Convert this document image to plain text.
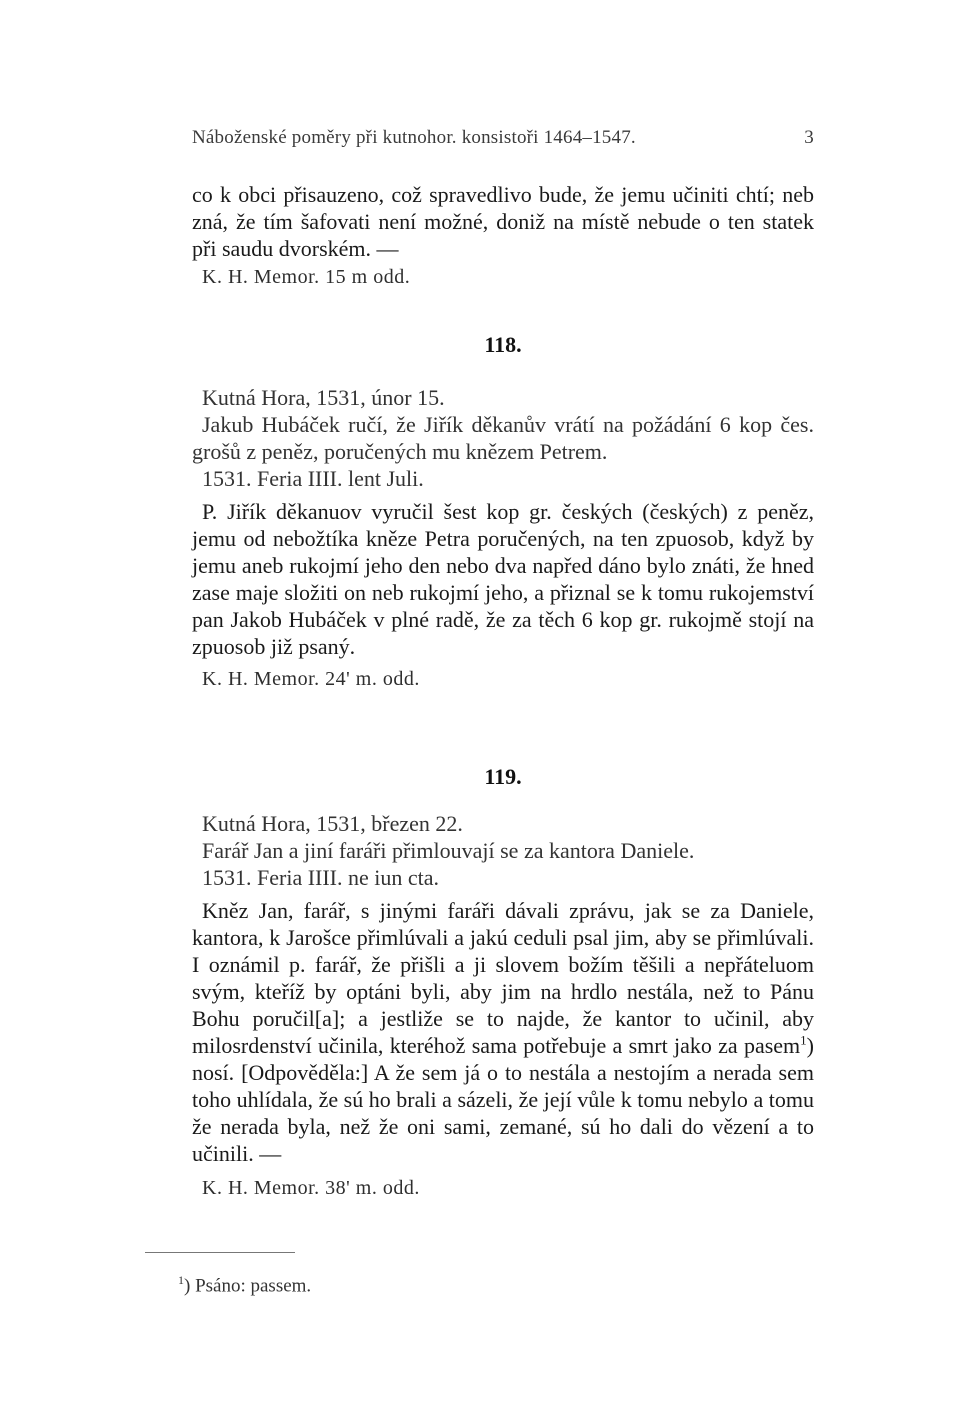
Náboženské poměry při kutnohor. konsistoři 1464–1547.	3

co k obci přisauzeno, což spravedlivo bude, že jemu učiniti chtí; neb zná, že tím šafovati není možné, doniž na místě nebude o ten statek při saudu dvorském. —

K. H. Memor. 15 m odd.

118.

Kutná Hora, 1531, únor 15.

Jakub Hubáček ručí, že Jiřík děkanův vrátí na požádání 6 kop čes. grošů z peněz, poručených mu knězem Petrem.

1531. Feria IIII. lent Juli.

P. Jiřík děkanuov vyručil šest kop gr. českých (českých) z peněz, jemu od nebožtíka kněze Petra poručených, na ten zpuosob, když by jemu aneb rukojmí jeho den nebo dva napřed dáno bylo znáti, že hned zase maje složiti on neb rukojmí jeho, a přiznal se k tomu rukojemství pan Jakob Hubáček v plné radě, že za těch 6 kop gr. rukojmě stojí na zpuosob již psaný.

K. H. Memor. 24' m. odd.

119.

Kutná Hora, 1531, březen 22.

Farář Jan a jiní faráři přimlouvají se za kantora Daniele.

1531. Feria IIII. ne iun cta.

Kněz Jan, farář, s jinými faráři dávali zprávu, jak se za Daniele, kantora, k Jarošce přimlúvali a jakú ceduli psal jim, aby se přimlúvali. I oznámil p. farář, že přišli a ji slovem božím těšili a nepřáteluom svým, kteříž by optáni byli, aby jim na hrdlo nestála, než to Pánu Bohu poručil[a]; a jestliže se to najde, že kantor to učinil, aby milosrdenství učinila, kteréhož sama potřebuje a smrt jako za pasem$^1$) nosí. [Odpověděla:] A že sem já o to nestála a nestojím a nerada sem toho uhlídala, že sú ho brali a sázeli, že její vůle k tomu nebylo a tomu že nerada byla, než že oni sami, zemané, sú ho dali do vězení a to učinili. —

K. H. Memor. 38' m. odd.

$^1$) Psáno: passem.
